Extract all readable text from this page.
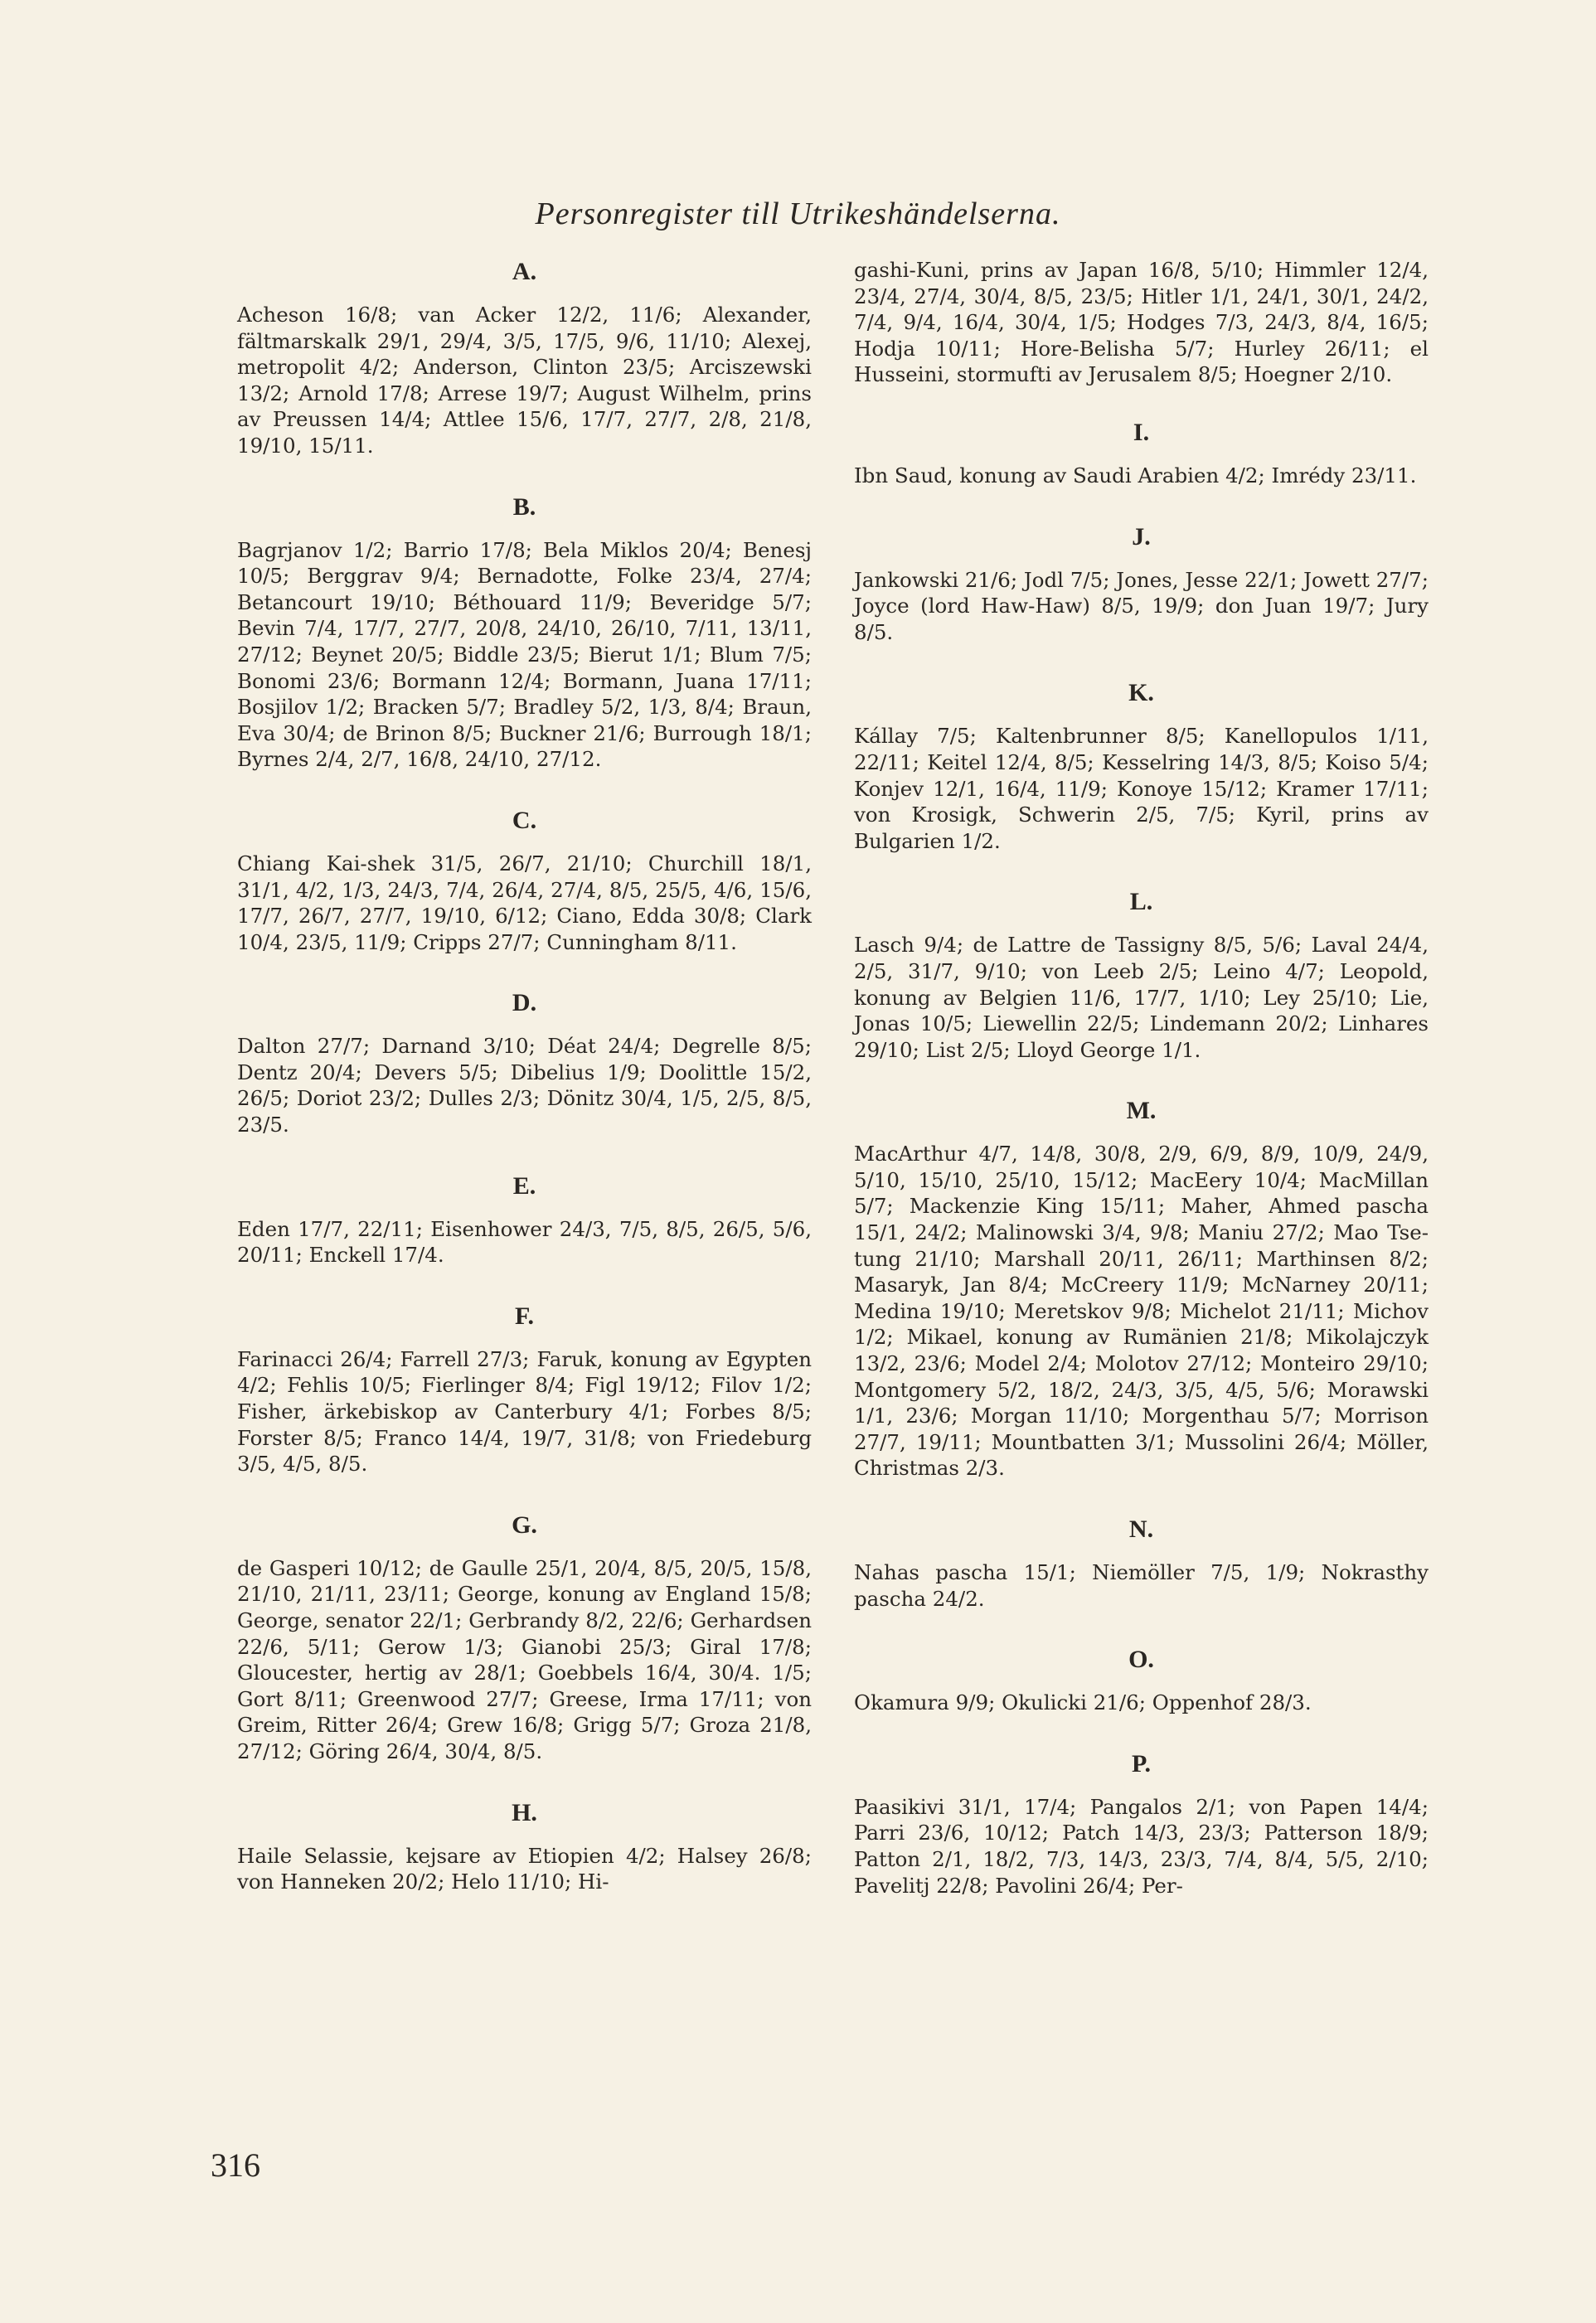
Personregister till Utrikeshändelserna.
A.

Acheson 16/8; van Acker 12/2, 11/6; Alexander, fältmarskalk 29/1, 29/4, 3/5, 17/5, 9/6, 11/10; Alexej, metropolit 4/2; Anderson, Clinton 23/5; Arciszewski 13/2; Arnold 17/8; Arrese 19/7; August Wilhelm, prins av Preussen 14/4; Attlee 15/6, 17/7, 27/7, 2/8, 21/8, 19/10, 15/11.

B.

Bagrjanov 1/2; Barrio 17/8; Bela Miklos 20/4; Benesj 10/5; Berggrav 9/4; Bernadotte, Folke 23/4, 27/4; Betancourt 19/10; Béthouard 11/9; Beveridge 5/7; Bevin 7/4, 17/7, 27/7, 20/8, 24/10, 26/10, 7/11, 13/11, 27/12; Beynet 20/5; Biddle 23/5; Bierut 1/1; Blum 7/5; Bonomi 23/6; Bormann 12/4; Bormann, Juana 17/11; Bosjilov 1/2; Bracken 5/7; Bradley 5/2, 1/3, 8/4; Braun, Eva 30/4; de Brinon 8/5; Buckner 21/6; Burrough 18/1; Byrnes 2/4, 2/7, 16/8, 24/10, 27/12.

C.

Chiang Kai-shek 31/5, 26/7, 21/10; Churchill 18/1, 31/1, 4/2, 1/3, 24/3, 7/4, 26/4, 27/4, 8/5, 25/5, 4/6, 15/6, 17/7, 26/7, 27/7, 19/10, 6/12; Ciano, Edda 30/8; Clark 10/4, 23/5, 11/9; Cripps 27/7; Cunningham 8/11.

D.

Dalton 27/7; Darnand 3/10; Déat 24/4; Degrelle 8/5; Dentz 20/4; Devers 5/5; Dibelius 1/9; Doolittle 15/2, 26/5; Doriot 23/2; Dulles 2/3; Dönitz 30/4, 1/5, 2/5, 8/5, 23/5.

E.

Eden 17/7, 22/11; Eisenhower 24/3, 7/5, 8/5, 26/5, 5/6, 20/11; Enckell 17/4.

F.

Farinacci 26/4; Farrell 27/3; Faruk, konung av Egypten 4/2; Fehlis 10/5; Fierlinger 8/4; Figl 19/12; Filov 1/2; Fisher, ärkebiskop av Canterbury 4/1; Forbes 8/5; Forster 8/5; Franco 14/4, 19/7, 31/8; von Friedeburg 3/5, 4/5, 8/5.

G.

de Gasperi 10/12; de Gaulle 25/1, 20/4, 8/5, 20/5, 15/8, 21/10, 21/11, 23/11; George, konung av England 15/8; George, senator 22/1; Gerbrandy 8/2, 22/6; Gerhardsen 22/6, 5/11; Gerow 1/3; Gianobi 25/3; Giral 17/8; Gloucester, hertig av 28/1; Goebbels 16/4, 30/4. 1/5; Gort 8/11; Greenwood 27/7; Greese, Irma 17/11; von Greim, Ritter 26/4; Grew 16/8; Grigg 5/7; Groza 21/8, 27/12; Göring 26/4, 30/4, 8/5.

H.

Haile Selassie, kejsare av Etiopien 4/2; Halsey 26/8; von Hanneken 20/2; Helo 11/10; Hi-

gashi-Kuni, prins av Japan 16/8, 5/10; Himmler 12/4, 23/4, 27/4, 30/4, 8/5, 23/5; Hitler 1/1, 24/1, 30/1, 24/2, 7/4, 9/4, 16/4, 30/4, 1/5; Hodges 7/3, 24/3, 8/4, 16/5; Hodja 10/11; Hore-Belisha 5/7; Hurley 26/11; el Husseini, stormufti av Jerusalem 8/5; Hoegner 2/10.

I.

Ibn Saud, konung av Saudi Arabien 4/2; Imrédy 23/11.

J.

Jankowski 21/6; Jodl 7/5; Jones, Jesse 22/1; Jowett 27/7; Joyce (lord Haw-Haw) 8/5, 19/9; don Juan 19/7; Jury 8/5.

K.

Kállay 7/5; Kaltenbrunner 8/5; Kanellopulos 1/11, 22/11; Keitel 12/4, 8/5; Kesselring 14/3, 8/5; Koiso 5/4; Konjev 12/1, 16/4, 11/9; Konoye 15/12; Kramer 17/11; von Krosigk, Schwerin 2/5, 7/5; Kyril, prins av Bulgarien 1/2.

L.

Lasch 9/4; de Lattre de Tassigny 8/5, 5/6; Laval 24/4, 2/5, 31/7, 9/10; von Leeb 2/5; Leino 4/7; Leopold, konung av Belgien 11/6, 17/7, 1/10; Ley 25/10; Lie, Jonas 10/5; Liewellin 22/5; Lindemann 20/2; Linhares 29/10; List 2/5; Lloyd George 1/1.

M.

MacArthur 4/7, 14/8, 30/8, 2/9, 6/9, 8/9, 10/9, 24/9, 5/10, 15/10, 25/10, 15/12; MacEery 10/4; MacMillan 5/7; Mackenzie King 15/11; Maher, Ahmed pascha 15/1, 24/2; Malinowski 3/4, 9/8; Maniu 27/2; Mao Tse-tung 21/10; Marshall 20/11, 26/11; Marthinsen 8/2; Masaryk, Jan 8/4; McCreery 11/9; McNarney 20/11; Medina 19/10; Meretskov 9/8; Michelot 21/11; Michov 1/2; Mikael, konung av Rumänien 21/8; Mikolajczyk 13/2, 23/6; Model 2/4; Molotov 27/12; Monteiro 29/10; Montgomery 5/2, 18/2, 24/3, 3/5, 4/5, 5/6; Morawski 1/1, 23/6; Morgan 11/10; Morgenthau 5/7; Morrison 27/7, 19/11; Mountbatten 3/1; Mussolini 26/4; Möller, Christmas 2/3.

N.

Nahas pascha 15/1; Niemöller 7/5, 1/9; Nokrasthy pascha 24/2.

O.

Okamura 9/9; Okulicki 21/6; Oppenhof 28/3.

P.

Paasikivi 31/1, 17/4; Pangalos 2/1; von Papen 14/4; Parri 23/6, 10/12; Patch 14/3, 23/3; Patterson 18/9; Patton 2/1, 18/2, 7/3, 14/3, 23/3, 7/4, 8/4, 5/5, 2/10; Pavelitj 22/8; Pavolini 26/4; Per-

316
